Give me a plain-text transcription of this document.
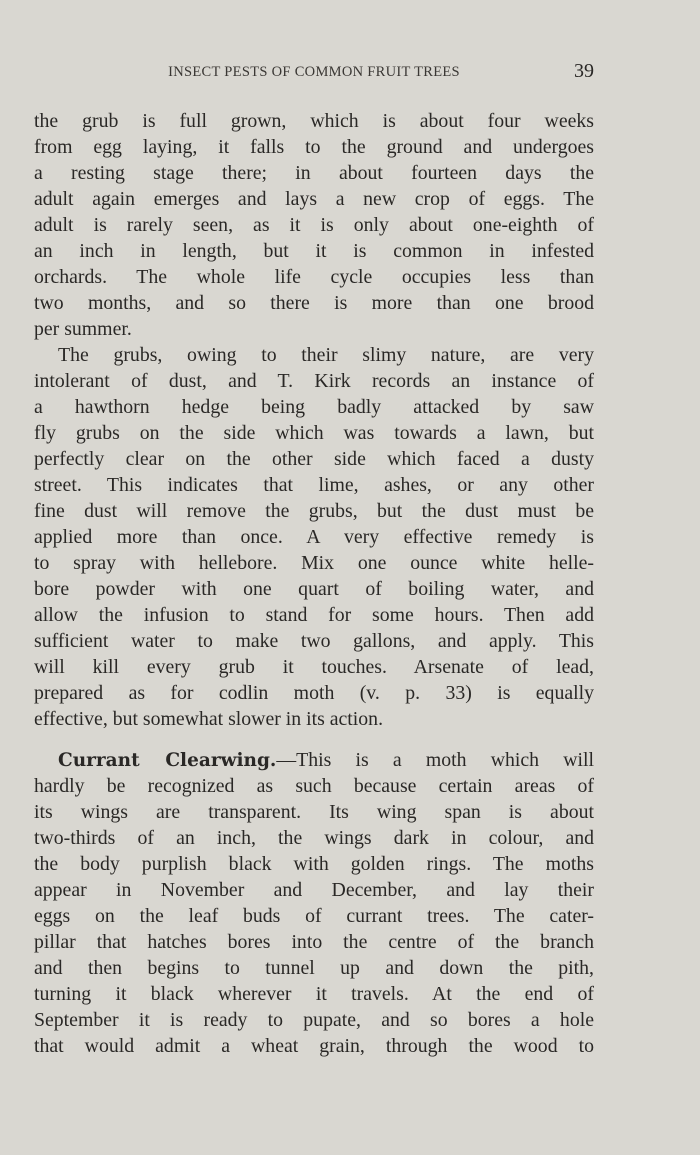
INSECT PESTS OF COMMON FRUIT TREES	39
the grub is full grown, which is about four weeks
from egg laying, it falls to the ground and undergoes
a resting stage there; in about fourteen days the
adult again emerges and lays a new crop of eggs. The
adult is rarely seen, as it is only about one-eighth of
an inch in length, but it is common in infested
orchards. The whole life cycle occupies less than
two months, and so there is more than one brood
per summer.
The grubs, owing to their slimy nature, are very
intolerant of dust, and T. Kirk records an instance of
a hawthorn hedge being badly attacked by saw
fly grubs on the side which was towards a lawn, but
perfectly clear on the other side which faced a dusty
street. This indicates that lime, ashes, or any other
fine dust will remove the grubs, but the dust must be
applied more than once. A very effective remedy is
to spray with hellebore. Mix one ounce white helle-
bore powder with one quart of boiling water, and
allow the infusion to stand for some hours. Then add
sufficient water to make two gallons, and apply. This
will kill every grub it touches. Arsenate of lead,
prepared as for codlin moth (v. p. 33) is equally
effective, but somewhat slower in its action.
Currant Clearwing.—This is a moth which will
hardly be recognized as such because certain areas of
its wings are transparent. Its wing span is about
two-thirds of an inch, the wings dark in colour, and
the body purplish black with golden rings. The moths
appear in November and December, and lay their
eggs on the leaf buds of currant trees. The cater-
pillar that hatches bores into the centre of the branch
and then begins to tunnel up and down the pith,
turning it black wherever it travels. At the end of
September it is ready to pupate, and so bores a hole
that would admit a wheat grain, through the wood to
